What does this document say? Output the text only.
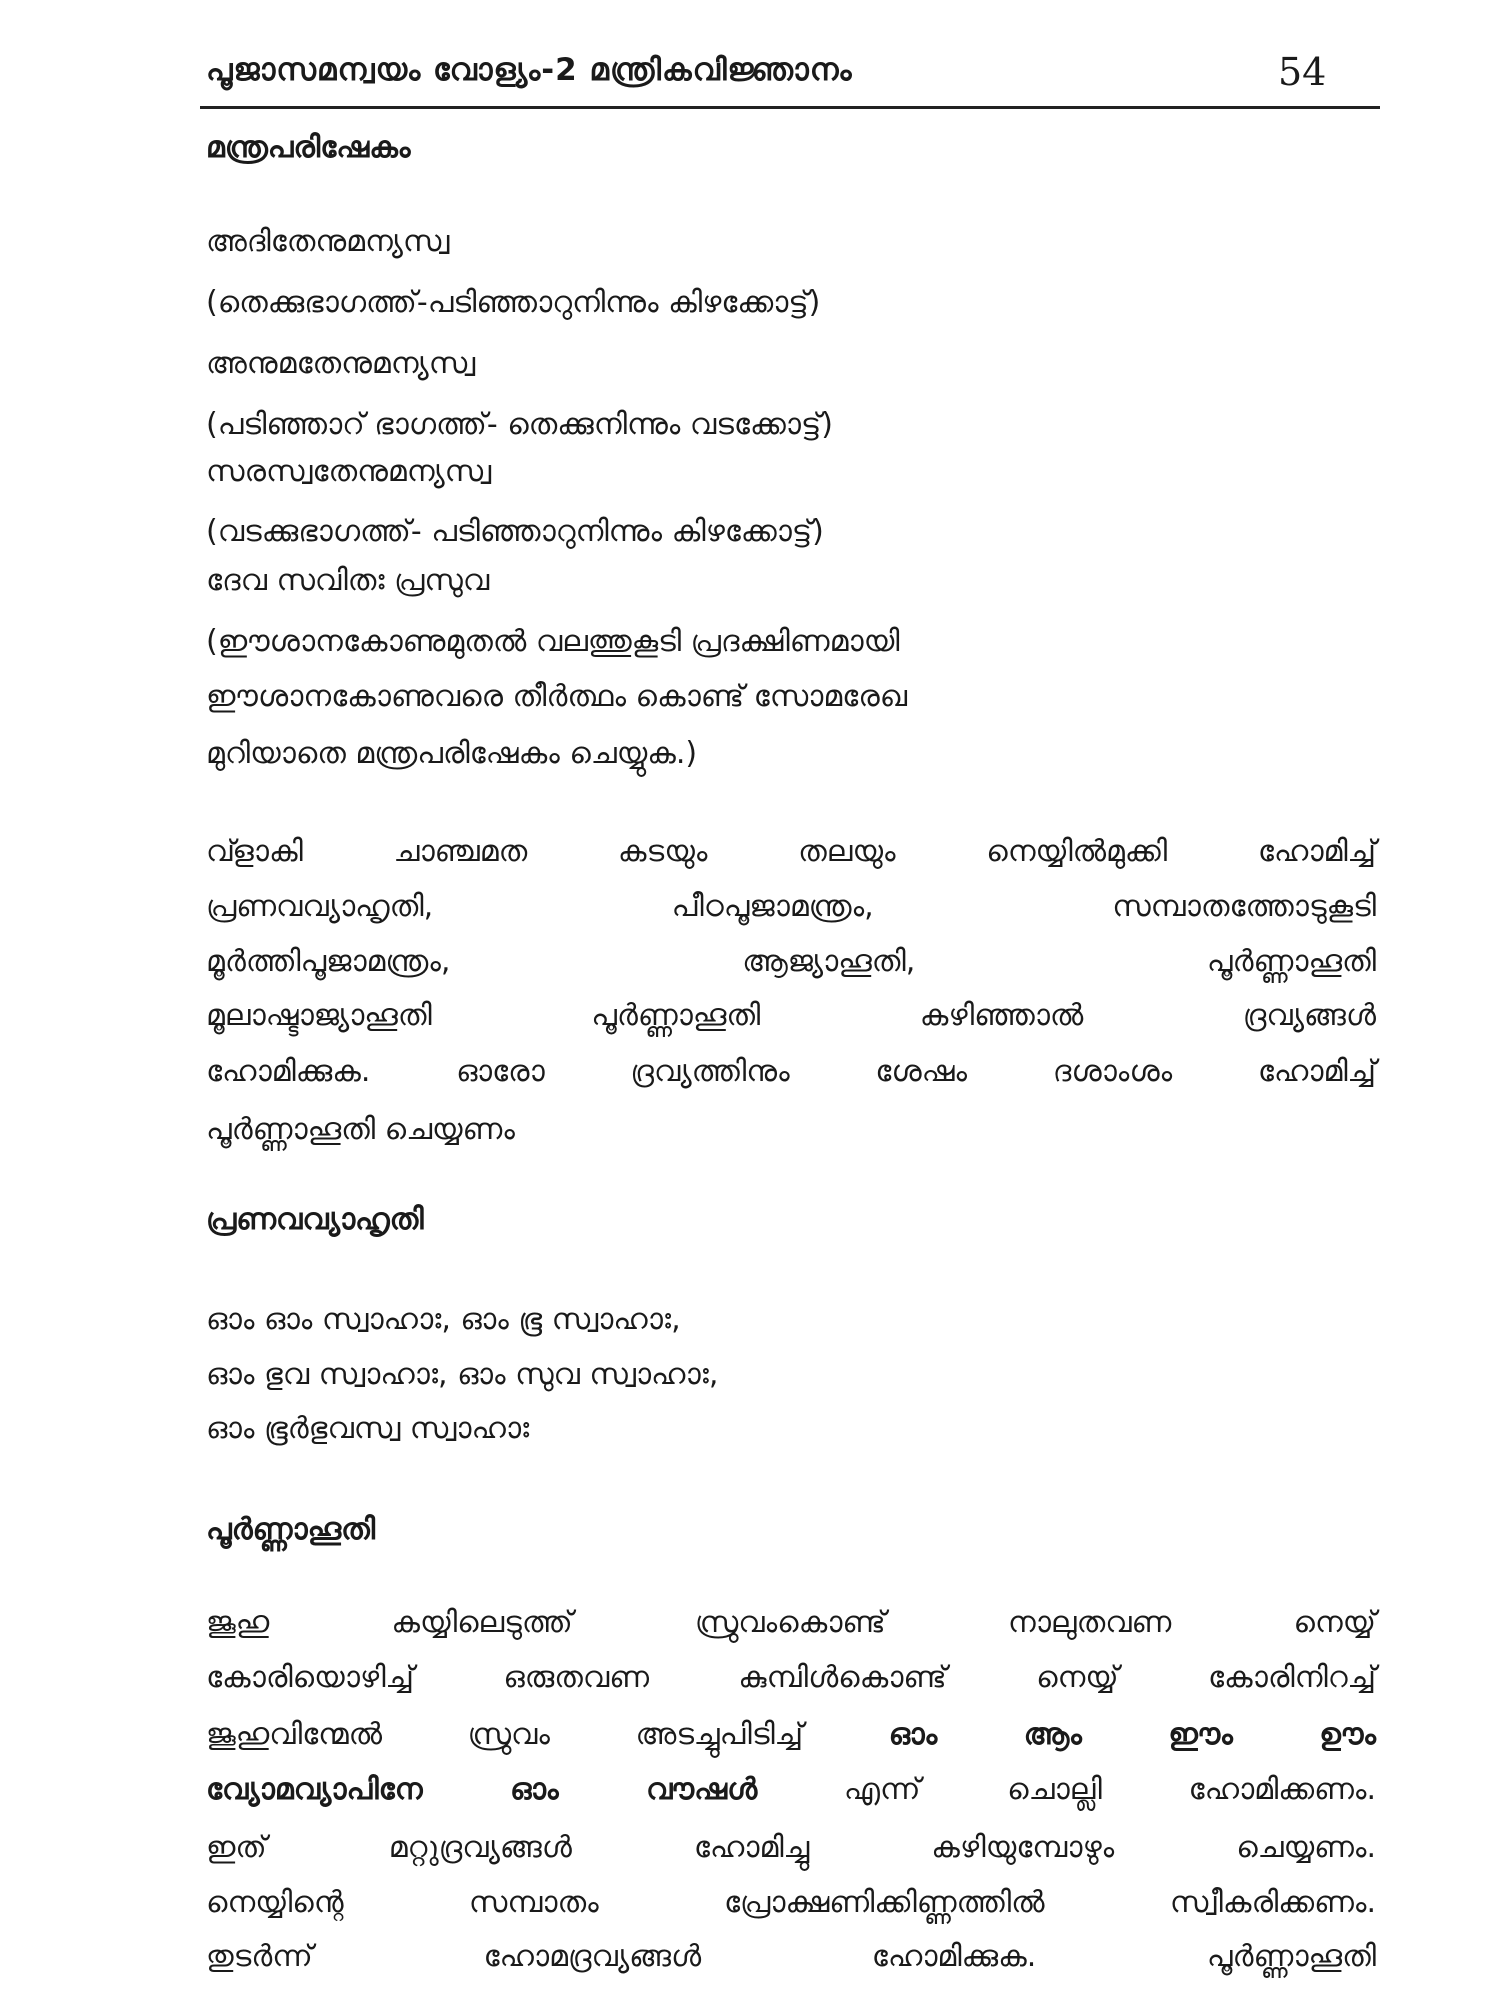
പൂജാസമന്വയം വോള്യം-2 മന്ത്രികവിജ്ഞാനം	54
മന്ത്രപരിഷേകം
അദിതേനുമന്യസ്വ
(തെക്കുഭാഗത്ത്-പടിഞ്ഞാറുനിന്നും കിഴക്കോട്ട്)
അനുമതേനുമന്യസ്വ
(പടിഞ്ഞാറ് ഭാഗത്ത്- തെക്കുനിന്നും വടക്കോട്ട്)
സരസ്വതേനുമന്യസ്വ
(വടക്കുഭാഗത്ത്- പടിഞ്ഞാറുനിന്നും കിഴക്കോട്ട്)
ദേവ സവിതഃ പ്രസുവ
(ഈശാനകോണുമുതൽ വലത്തുകൂടി പ്രദക്ഷിണമായി
ഈശാനകോണുവരെ തീർത്ഥം കൊണ്ട് സോമരേഖ
മുറിയാതെ മന്ത്രപരിഷേകം ചെയ്യുക.)
വ്ളാകി ചാഞ്ചമത കടയും തലയും നെയ്യിൽമുക്കി ഹോമിച്ച്
പ്രണവവ്യാഹൃതി, പീഠപൂജാമന്ത്രം, സമ്പാതത്തോടുകൂടി
മൂർത്തിപൂജാമന്ത്രം, ആജ്യാഹൂതി, പൂർണ്ണാഹൂതി
മൂലാഷ്ടാജ്യാഹൂതി പൂർണ്ണാഹൂതി കഴിഞ്ഞാൽ ദ്രവ്യങ്ങൾ
ഹോമിക്കുക. ഓരോ ദ്രവ്യത്തിനും ശേഷം ദശാംശം ഹോമിച്ച്
പൂർണ്ണാഹൂതി ചെയ്യണം
പ്രണവവ്യാഹൃതി
ഓം ഓം സ്വാഹാഃ, ഓം ഭൂ സ്വാഹാഃ,
ഓം ഭുവ സ്വാഹാഃ, ഓം സുവ സ്വാഹാഃ,
ഓം ഭൂർഭുവസ്വ സ്വാഹാഃ
പൂർണ്ണാഹൂതി
ജൂഹു കയ്യിലെടുത്ത് സ്രുവംകൊണ്ട് നാലുതവണ നെയ്യ്
കോരിയൊഴിച്ച് ഒരുതവണ കുമ്പിൾകൊണ്ട് നെയ്യ് കോരിനിറച്ച്
ജൂഹുവിന്മേൽ സ്രുവം അടച്ചുപിടിച്ച് ഓം ആം ഈം ഊം
വ്യോമവ്യാപിനേ ഓം വൗഷൾ എന്ന് ചൊല്ലി ഹോമിക്കണം.
ഇത് മറ്റുദ്രവ്യങ്ങൾ ഹോമിച്ചു കഴിയുമ്പോഴും ചെയ്യണം.
നെയ്യിന്റെ സമ്പാതം പ്രോക്ഷണിക്കിണ്ണത്തിൽ സ്വീകരിക്കണം.
തുടർന്ന് ഹോമദ്രവ്യങ്ങൾ ഹോമിക്കുക. പൂർണ്ണാഹൂതി
